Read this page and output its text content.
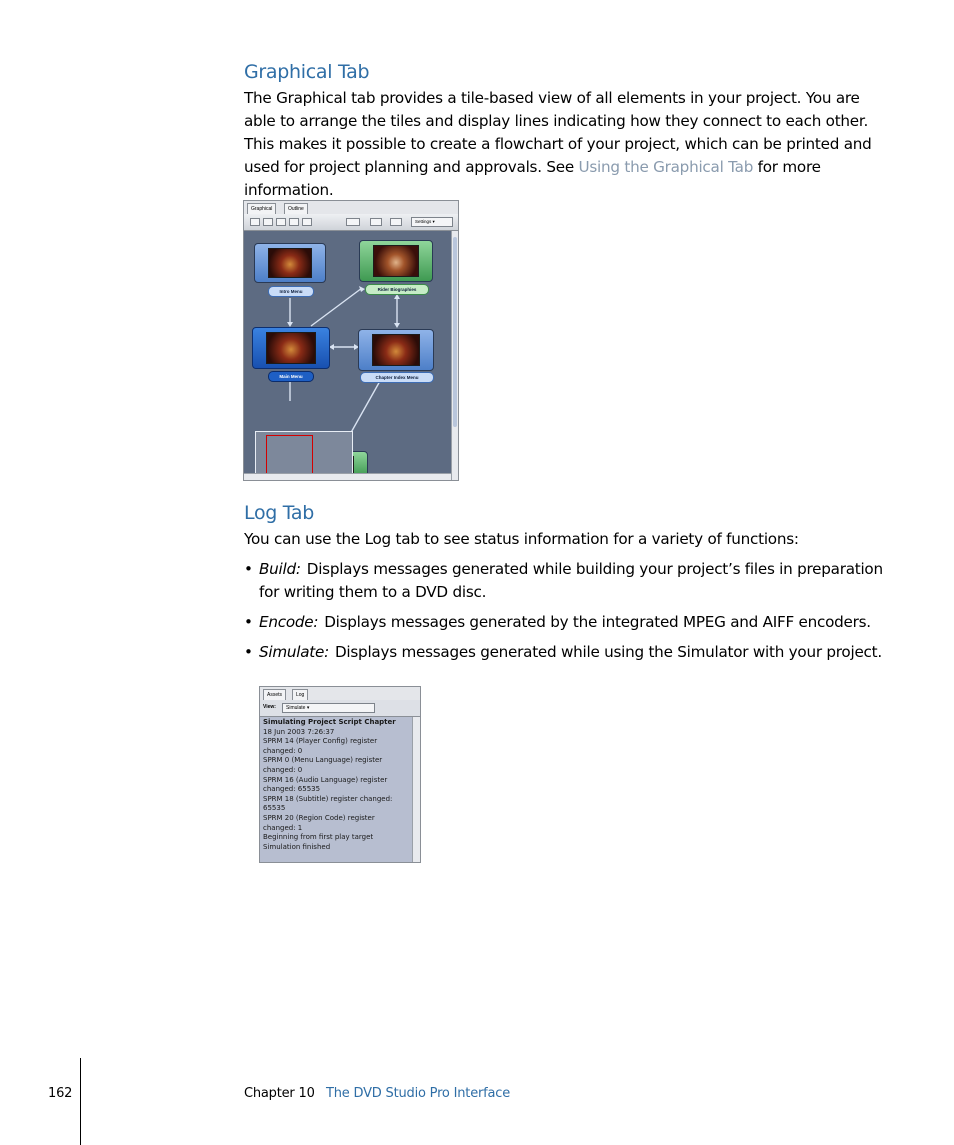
Graphical Tab

The Graphical tab provides a tile-based view of all elements in your project. You are able to arrange the tiles and display lines indicating how they connect to each other. This makes it possible to create a flowchart of your project, which can be printed and used for project planning and approvals. See Using the Graphical Tab for more information.

Graphical	Outline
Settings ▾
Intro Menu	Rider Biographies
Main Menu	Chapter Index Menu
Log Tab

You can use the Log tab to see status information for a variety of functions:

• Build: Displays messages generated while building your project’s files in preparation for writing them to a DVD disc.
• Encode: Displays messages generated by the integrated MPEG and AIFF encoders.
• Simulate: Displays messages generated while using the Simulator with your project.
Assets	Log
View:	Simulate ▾
Simulating Project Script Chapter
18 Jun 2003 7:26:37
SPRM 14 (Player Config) register
changed: 0
SPRM 0 (Menu Language) register
changed: 0
SPRM 16 (Audio Language) register
changed: 65535
SPRM 18 (Subtitle) register changed:
65535
SPRM 20 (Region Code) register
changed: 1
Beginning from first play target
Simulation finished
162	Chapter 10 The DVD Studio Pro Interface
